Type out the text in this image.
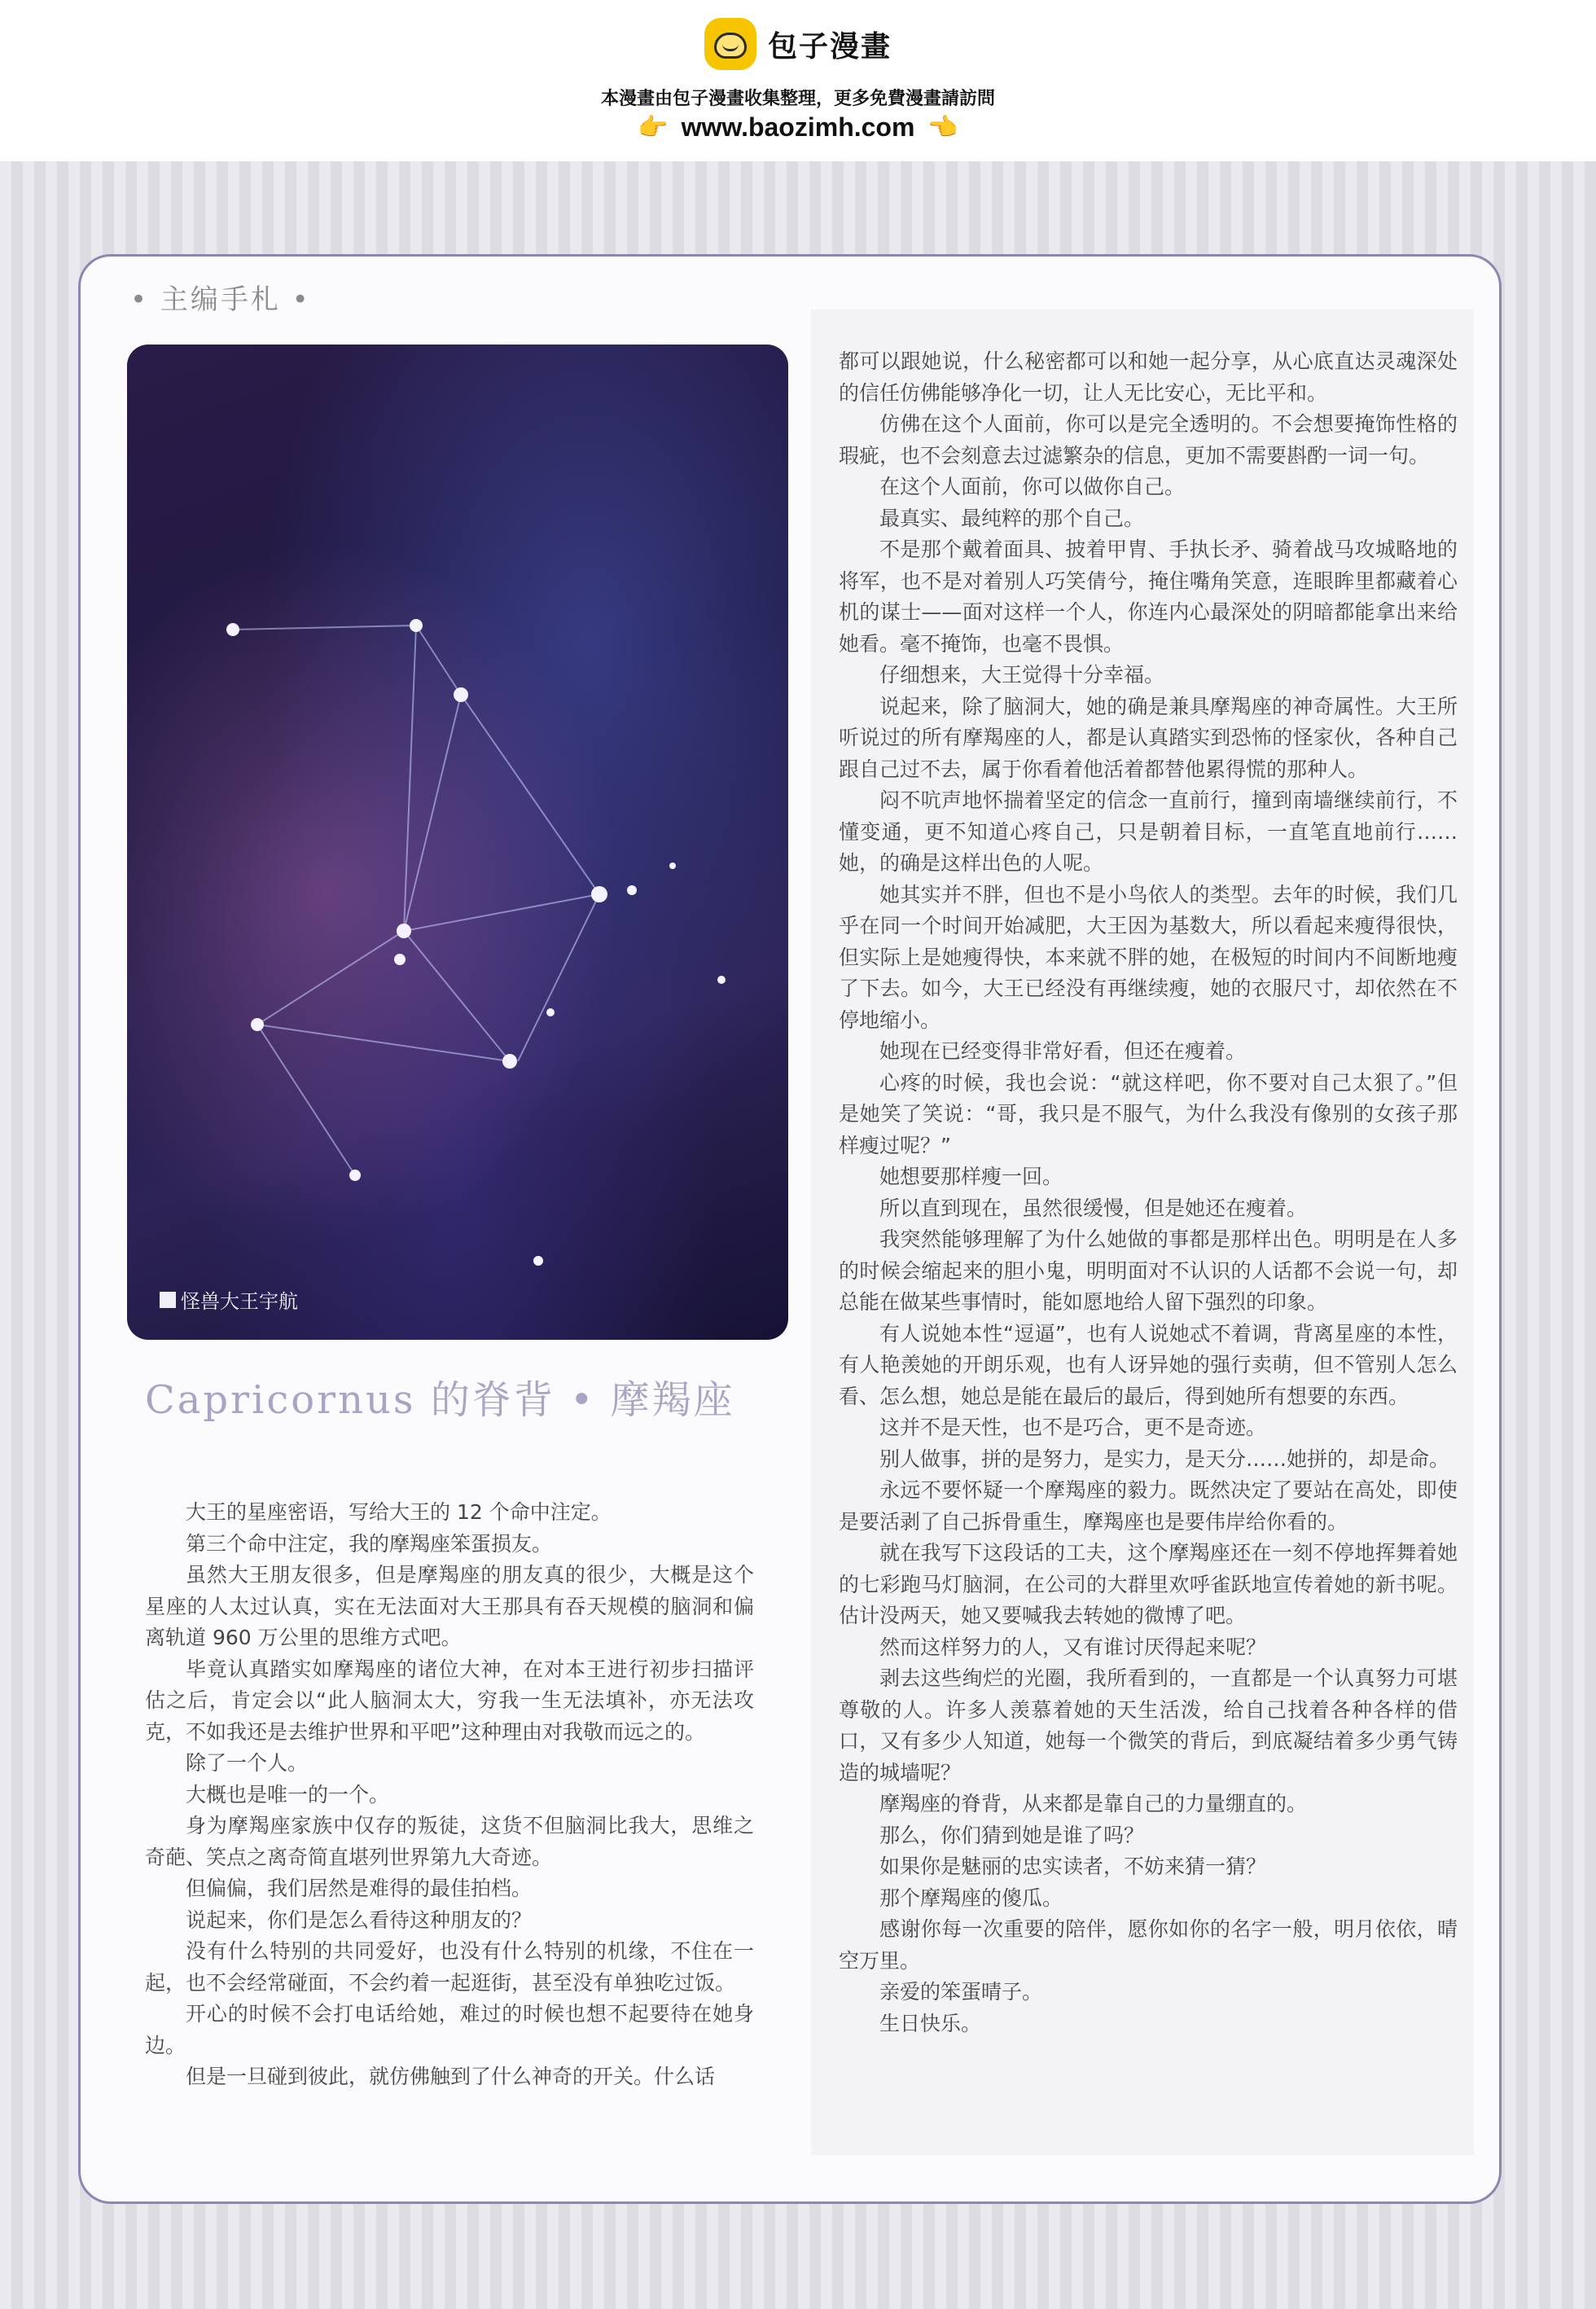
包子漫畫
本漫畫由包子漫畫收集整理，更多免費漫畫請訪問
👉 www.baozimh.com 👈
• 主编手札 •
怪兽大王宇航
Capricornus 的脊背 • 摩羯座

大王的星座密语，写给大王的 12 个命中注定。

第三个命中注定，我的摩羯座笨蛋损友。

虽然大王朋友很多，但是摩羯座的朋友真的很少，大概是这个星座的人太过认真，实在无法面对大王那具有吞天规模的脑洞和偏离轨道 960 万公里的思维方式吧。

毕竟认真踏实如摩羯座的诸位大神，在对本王进行初步扫描评估之后，肯定会以“此人脑洞太大，穷我一生无法填补，亦无法攻克，不如我还是去维护世界和平吧”这种理由对我敬而远之的。

除了一个人。

大概也是唯一的一个。

身为摩羯座家族中仅存的叛徒，这货不但脑洞比我大，思维之奇葩、笑点之离奇简直堪列世界第九大奇迹。

但偏偏，我们居然是难得的最佳拍档。

说起来，你们是怎么看待这种朋友的？

没有什么特别的共同爱好，也没有什么特别的机缘，不住在一起，也不会经常碰面，不会约着一起逛街，甚至没有单独吃过饭。

开心的时候不会打电话给她，难过的时候也想不起要待在她身边。

但是一旦碰到彼此，就仿佛触到了什么神奇的开关。什么话

都可以跟她说，什么秘密都可以和她一起分享，从心底直达灵魂深处的信任仿佛能够净化一切，让人无比安心，无比平和。

仿佛在这个人面前，你可以是完全透明的。不会想要掩饰性格的瑕疵，也不会刻意去过滤繁杂的信息，更加不需要斟酌一词一句。

在这个人面前，你可以做你自己。

最真实、最纯粹的那个自己。

不是那个戴着面具、披着甲胄、手执长矛、骑着战马攻城略地的将军，也不是对着别人巧笑倩兮，掩住嘴角笑意，连眼眸里都藏着心机的谋士——面对这样一个人，你连内心最深处的阴暗都能拿出来给她看。毫不掩饰，也毫不畏惧。

仔细想来，大王觉得十分幸福。

说起来，除了脑洞大，她的确是兼具摩羯座的神奇属性。大王所听说过的所有摩羯座的人，都是认真踏实到恐怖的怪家伙，各种自己跟自己过不去，属于你看着他活着都替他累得慌的那种人。

闷不吭声地怀揣着坚定的信念一直前行，撞到南墙继续前行，不懂变通，更不知道心疼自己，只是朝着目标，一直笔直地前行……她，的确是这样出色的人呢。

她其实并不胖，但也不是小鸟依人的类型。去年的时候，我们几乎在同一个时间开始减肥，大王因为基数大，所以看起来瘦得很快，但实际上是她瘦得快，本来就不胖的她，在极短的时间内不间断地瘦了下去。如今，大王已经没有再继续瘦，她的衣服尺寸，却依然在不停地缩小。

她现在已经变得非常好看，但还在瘦着。

心疼的时候，我也会说：“就这样吧，你不要对自己太狠了。”但是她笑了笑说：“哥，我只是不服气，为什么我没有像别的女孩子那样瘦过呢？”

她想要那样瘦一回。

所以直到现在，虽然很缓慢，但是她还在瘦着。

我突然能够理解了为什么她做的事都是那样出色。明明是在人多的时候会缩起来的胆小鬼，明明面对不认识的人话都不会说一句，却总能在做某些事情时，能如愿地给人留下强烈的印象。

有人说她本性“逗逼”，也有人说她忒不着调，背离星座的本性，有人艳羡她的开朗乐观，也有人讶异她的强行卖萌，但不管别人怎么看、怎么想，她总是能在最后的最后，得到她所有想要的东西。

这并不是天性，也不是巧合，更不是奇迹。

别人做事，拼的是努力，是实力，是天分……她拼的，却是命。

永远不要怀疑一个摩羯座的毅力。既然决定了要站在高处，即使是要活剥了自己拆骨重生，摩羯座也是要伟岸给你看的。

就在我写下这段话的工夫，这个摩羯座还在一刻不停地挥舞着她的七彩跑马灯脑洞，在公司的大群里欢呼雀跃地宣传着她的新书呢。估计没两天，她又要喊我去转她的微博了吧。

然而这样努力的人，又有谁讨厌得起来呢？

剥去这些绚烂的光圈，我所看到的，一直都是一个认真努力可堪尊敬的人。许多人羡慕着她的天生活泼，给自己找着各种各样的借口，又有多少人知道，她每一个微笑的背后，到底凝结着多少勇气铸造的城墙呢？

摩羯座的脊背，从来都是靠自己的力量绷直的。

那么，你们猜到她是谁了吗？

如果你是魅丽的忠实读者，不妨来猜一猜？

那个摩羯座的傻瓜。

感谢你每一次重要的陪伴，愿你如你的名字一般，明月依依，晴空万里。

亲爱的笨蛋晴子。

生日快乐。
